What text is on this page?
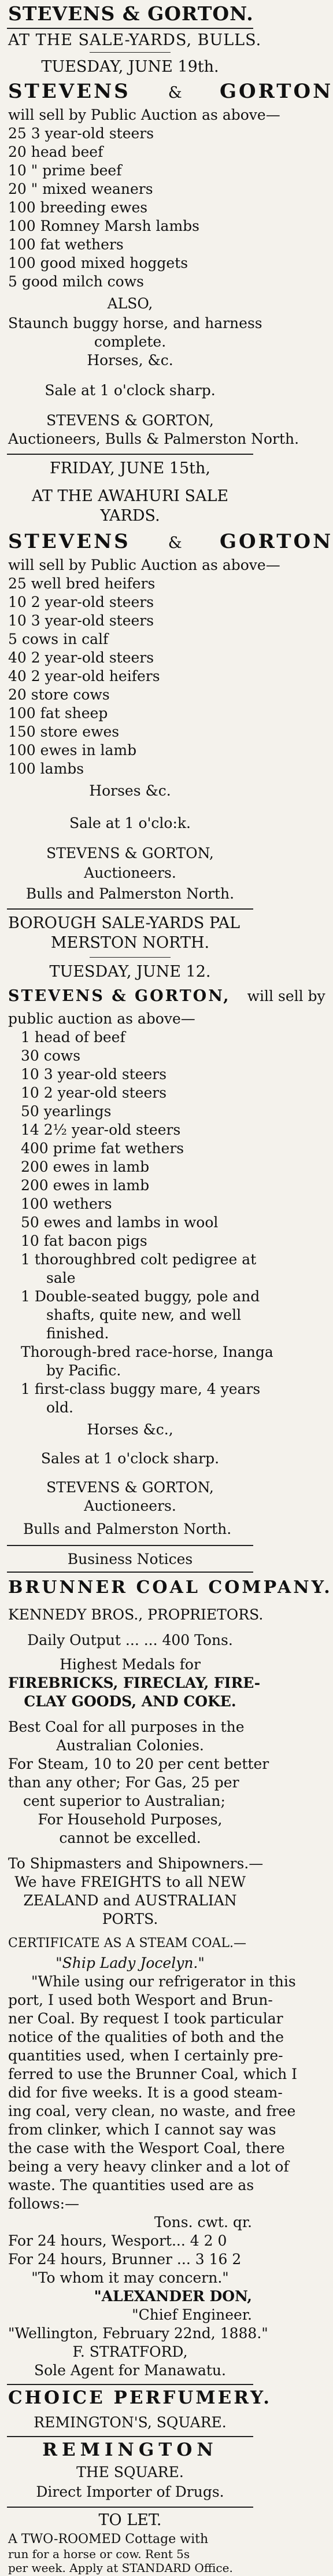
STEVENS & GORTON.
AT THE SALE-YARDS, BULLS.
TUESDAY, JUNE 19th.
STEVENS & GORTON
will sell by Public Auction as above—
25 3 year-old steers
20 head beef
10 " prime beef
20 " mixed weaners
100 breeding ewes
100 Romney Marsh lambs
100 fat wethers
100 good mixed hoggets
5 good milch cows
ALSO,
Staunch buggy horse, and harness
complete.
Horses, &c.
Sale at 1 o'clock sharp.
STEVENS & GORTON,
Auctioneers, Bulls & Palmerston North.
FRIDAY, JUNE 15th,
AT THE AWAHURI SALE
YARDS.
STEVENS & GORTON
will sell by Public Auction as above—
25 well bred heifers
10 2 year-old steers
10 3 year-old steers
5 cows in calf
40 2 year-old steers
40 2 year-old heifers
20 store cows
100 fat sheep
150 store ewes
100 ewes in lamb
100 lambs
Horses &c.
Sale at 1 o'clo:k.
STEVENS & GORTON,
Auctioneers.
Bulls and Palmerston North.
BOROUGH SALE-YARDS PAL
MERSTON NORTH.
TUESDAY, JUNE 12.
STEVENS & GORTON, will sell by
public auction as above—
1 head of beef
30 cows
10 3 year-old steers
10 2 year-old steers
50 yearlings
14 2½ year-old steers
400 prime fat wethers
200 ewes in lamb
200 ewes in lamb
100 wethers
50 ewes and lambs in wool
10 fat bacon pigs
1 thoroughbred colt pedigree at
sale
1 Double-seated buggy, pole and
shafts, quite new, and well
finished.
Thorough-bred race-horse, Inanga
by Pacific.
1 first-class buggy mare, 4 years
old.
Horses &c.,
Sales at 1 o'clock sharp.
STEVENS & GORTON,
Auctioneers.
Bulls and Palmerston North.
Business Notices
BRUNNER COAL COMPANY.
KENNEDY BROS., PROPRIETORS.
Daily Output ... ... 400 Tons.
Highest Medals for
FIREBRICKS, FIRECLAY, FIRE-
CLAY GOODS, AND COKE.
Best Coal for all purposes in the
Australian Colonies.
For Steam, 10 to 20 per cent better
than any other; For Gas, 25 per
cent superior to Australian;
For Household Purposes,
cannot be excelled.
To Shipmasters and Shipowners.—
We have FREIGHTS to all NEW
ZEALAND and AUSTRALIAN
PORTS.
CERTIFICATE AS A STEAM COAL.—
"Ship Lady Jocelyn."
"While using our refrigerator in this
port, I used both Wesport and Brun-
ner Coal. By request I took particular
notice of the qualities of both and the
quantities used, when I certainly pre-
ferred to use the Brunner Coal, which I
did for five weeks. It is a good steam-
ing coal, very clean, no waste, and free
from clinker, which I cannot say was
the case with the Wesport Coal, there
being a very heavy clinker and a lot of
waste. The quantities used are as
follows:—
Tons. cwt. qr.
For 24 hours, Wesport... 4 2 0
For 24 hours, Brunner ... 3 16 2
"To whom it may concern."
"ALEXANDER DON,
"Chief Engineer.
"Wellington, February 22nd, 1888."
F. STRATFORD,
Sole Agent for Manawatu.
CHOICE PERFUMERY.
REMINGTON'S, SQUARE.
REMINGTON
THE SQUARE.
Direct Importer of Drugs.
TO LET.
A TWO-ROOMED Cottage with
run for a horse or cow. Rent 5s
per week. Apply at STANDARD Office.
